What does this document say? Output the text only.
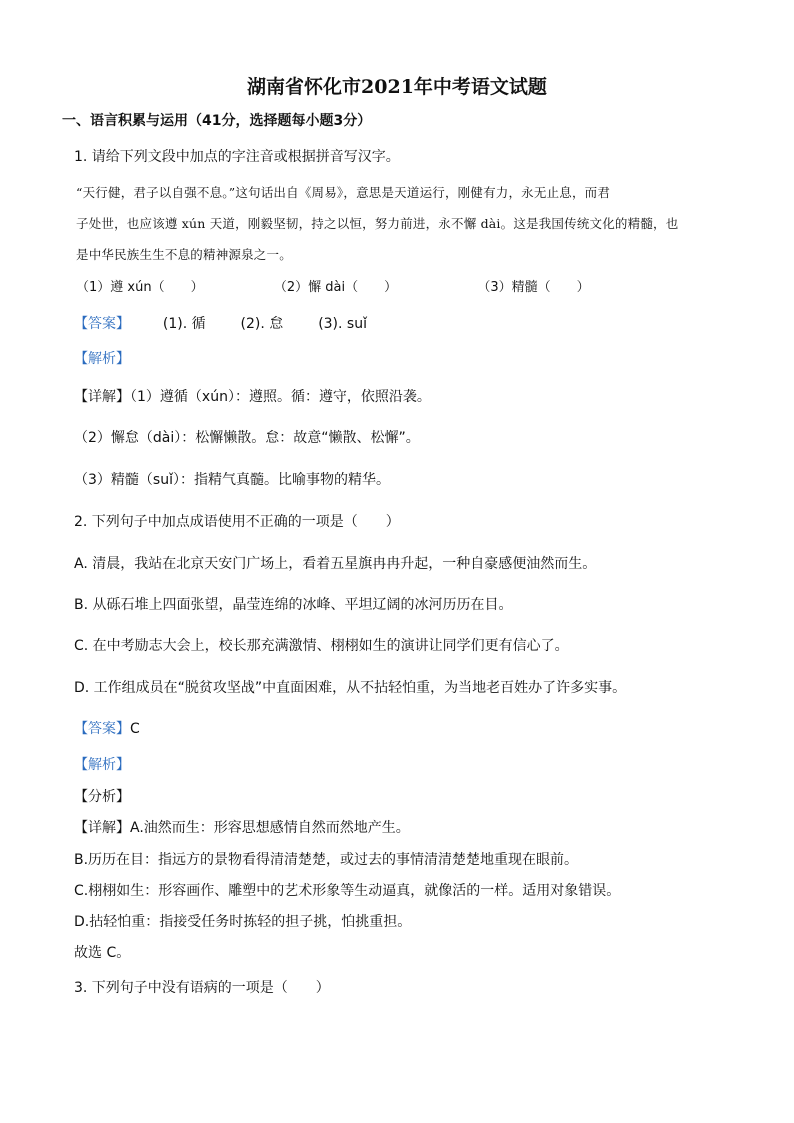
湖南省怀化市2021年中考语文试题
一、语言积累与运用（41分，选择题每小题3分）
1. 请给下列文段中加点的字注音或根据拼音写汉字。
“天行健，君子以自强不息。”这句话出自《周易》，意思是天道运行，刚健有力，永无止息，而君
子处世，也应该遵 xún 天道，刚毅坚韧，持之以恒，努力前进，永不懈 dài。这是我国传统文化的精髓，也
是中华民族生生不息的精神源泉之一。
（1）遵 xún（　　）	（2）懈 dài（　　）	（3）精髓（　　）
【答案】 (1). 循 (2). 怠 (3). suǐ
【解析】
【详解】（1）遵循（xún）：遵照。循：遵守，依照沿袭。
（2）懈怠（dài）：松懈懒散。怠：故意“懒散、松懈”。
（3）精髓（suǐ）：指精气真髓。比喻事物的精华。
2. 下列句子中加点成语使用不正确的一项是（　　）
A. 清晨，我站在北京天安门广场上，看着五星旗冉冉升起，一种自豪感便油然而生。
B. 从砾石堆上四面张望，晶莹连绵的冰峰、平坦辽阔的冰河历历在目。
C. 在中考励志大会上，校长那充满激情、栩栩如生的演讲让同学们更有信心了。
D. 工作组成员在“脱贫攻坚战”中直面困难，从不拈轻怕重，为当地老百姓办了许多实事。
【答案】C
【解析】
【分析】
【详解】A.油然而生：形容思想感情自然而然地产生。
B.历历在目：指远方的景物看得清清楚楚，或过去的事情清清楚楚地重现在眼前。
C.栩栩如生：形容画作、雕塑中的艺术形象等生动逼真，就像活的一样。适用对象错误。
D.拈轻怕重：指接受任务时拣轻的担子挑，怕挑重担。
故选 C。
3. 下列句子中没有语病的一项是（　　）
